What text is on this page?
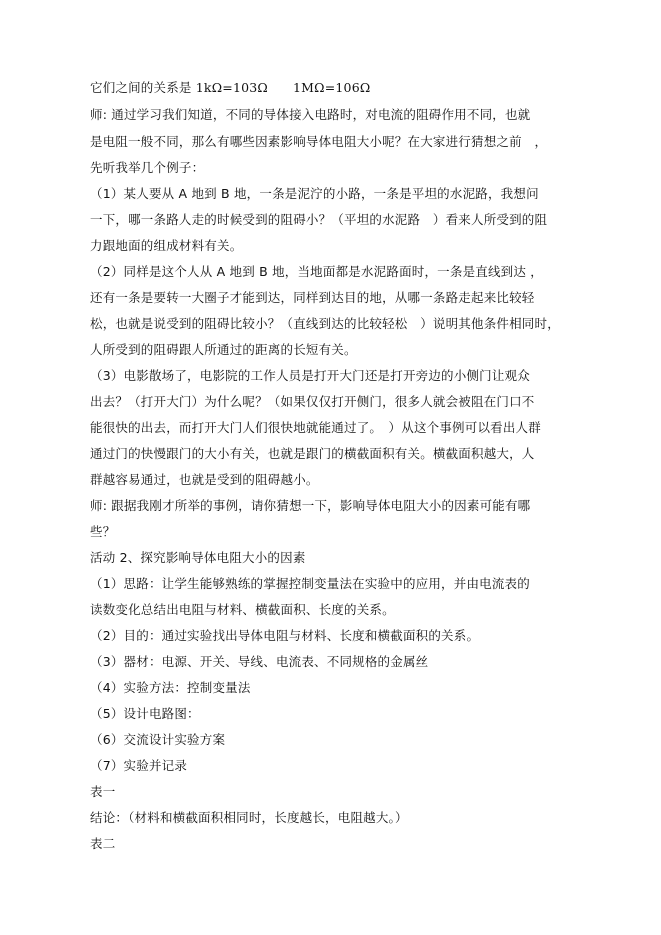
它们之间的关系是 1kΩ=103Ω 1MΩ=106Ω
师: 通过学习我们知道，不同的导体接入电路时，对电流的阻碍作用不同，也就
是电阻一般不同，那么有哪些因素影响导体电阻大小呢？在大家进行猜想之前　，
先听我举几个例子：
（1）某人要从 A 地到 B 地，一条是泥泞的小路，一条是平坦的水泥路，我想问
一下，哪一条路人走的时候受到的阻碍小？（平坦的水泥路　）看来人所受到的阻
力跟地面的组成材料有关。
（2）同样是这个人从 A 地到 B 地，当地面都是水泥路面时，一条是直线到达 ，
还有一条是要转一大圈子才能到达，同样到达目的地，从哪一条路走起来比较轻
松，也就是说受到的阻碍比较小？（直线到达的比较轻松　）说明其他条件相同时，
人所受到的阻碍跟人所通过的距离的长短有关。
（3）电影散场了，电影院的工作人员是打开大门还是打开旁边的小侧门让观众
出去？（打开大门）为什么呢？（如果仅仅打开侧门，很多人就会被阻在门口不
能很快的出去，而打开大门人们很快地就能通过了。　）从这个事例可以看出人群
通过门的快慢跟门的大小有关，也就是跟门的横截面积有关。横截面积越大，人
群越容易通过，也就是受到的阻碍越小。
师: 跟据我刚才所举的事例，请你猜想一下，影响导体电阻大小的因素可能有哪
些？
活动 2、探究影响导体电阻大小的因素
（1）思路：让学生能够熟练的掌握控制变量法在实验中的应用，并由电流表的
读数变化总结出电阻与材料、横截面积、长度的关系。
（2）目的：通过实验找出导体电阻与材料、长度和横截面积的关系。
（3）器材：电源、开关、导线、电流表、不同规格的金属丝
（4）实验方法：控制变量法
（5）设计电路图：
（6）交流设计实验方案
（7）实验并记录
表一
结论：（材料和横截面积相同时，长度越长，电阻越大。）
表二
